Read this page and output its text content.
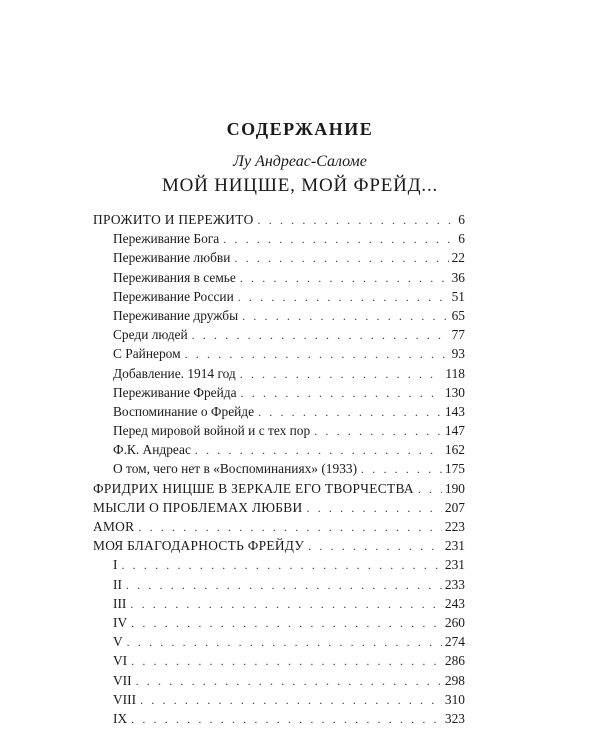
СОДЕРЖАНИЕ
Лу Андреас-Саломе
МОЙ НИЦШЕ, МОЙ ФРЕЙД...
ПРОЖИТО И ПЕРЕЖИТО . . .	6
Переживание Бога . . .	6
Переживание любви . . .	22
Переживания в семье . . .	36
Переживание России . . .	51
Переживание дружбы . . .	65
Среди людей . . .	77
С Райнером . . .	93
Добавление. 1914 год . . .	118
Переживание Фрейда . . .	130
Воспоминание о Фрейде . . .	143
Перед мировой войной и с тех пор . . .	147
Ф.К. Андреас . . .	162
О том, чего нет в «Воспоминаниях» (1933) . . .	175
ФРИДРИХ НИЦШЕ В ЗЕРКАЛЕ ЕГО ТВОРЧЕСТВА . . . 190
МЫСЛИ О ПРОБЛЕМАХ ЛЮБВИ . . .	207
AMOR . . .	223
МОЯ БЛАГОДАРНОСТЬ ФРЕЙДУ . . .	231
I . . .	231
II . . .	233
III . . .	243
IV . . .	260
V . . .	274
VI . . .	286
VII . . .	298
VIII . . .	310
IX . . .	323
